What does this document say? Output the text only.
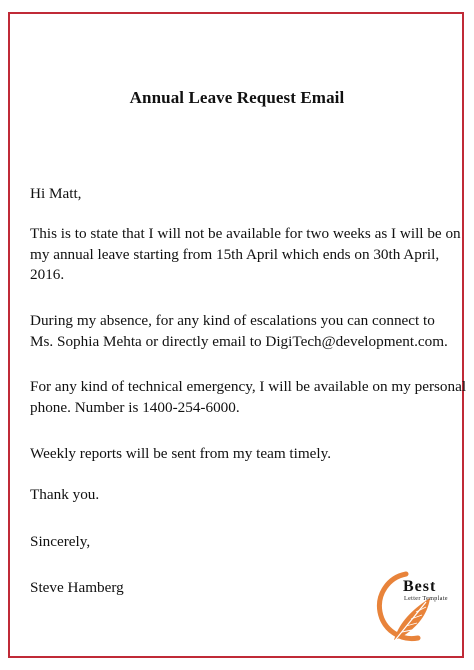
Annual Leave Request Email
Hi Matt,
This is to state that I will not be available for two weeks as I will be on
my annual leave starting from 15th April which ends on 30th April,
2016.
During my absence, for any kind of escalations you can connect to
Ms. Sophia Mehta or directly email to DigiTech@development.com.
For any kind of technical emergency, I will be available on my personal
phone. Number is 1400-254-6000.
Weekly reports will be sent from my team timely.
Thank you.
Sincerely,
Steve Hamberg	Best
Letter Template
